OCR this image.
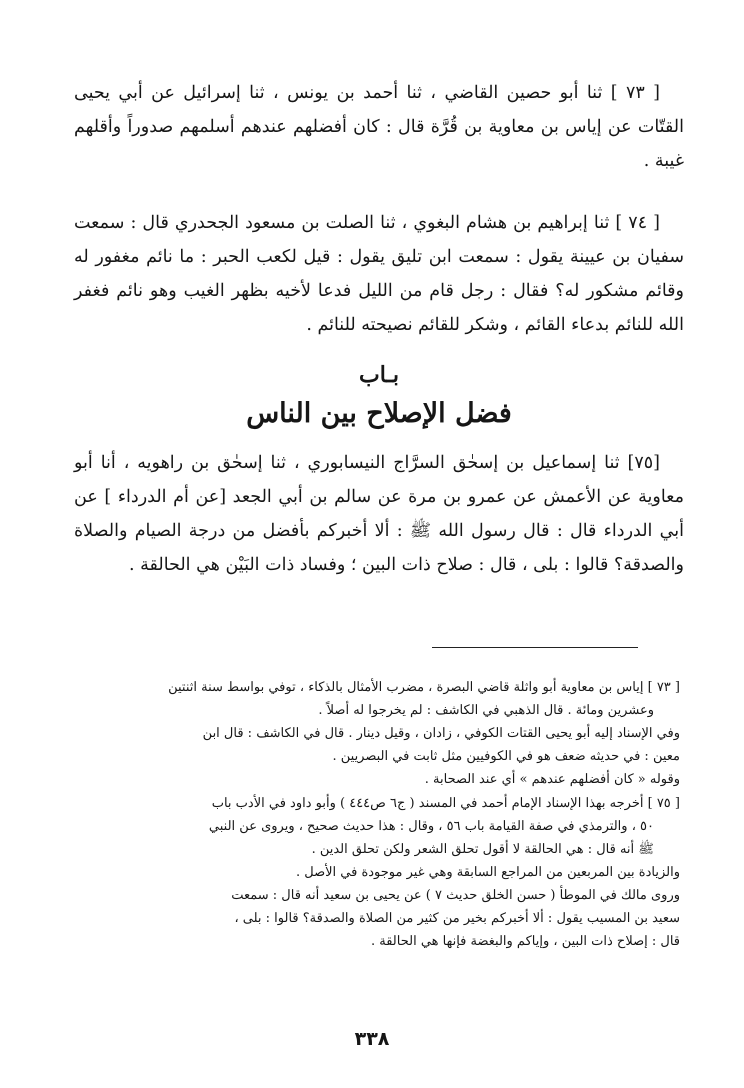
[ ٧٣ ] ثنا أبو حصين القاضي ، ثنا أحمد بن يونس ، ثنا إسرائيل عن أبي يحيى القتّات عن إياس بن معاوية بن قُرَّة قال : كان أفضلهم عندهم أسلمهم صدوراً وأقلهم غيبة .

[ ٧٤ ] ثنا إبراهيم بن هشام البغوي ، ثنا الصلت بن مسعود الجحدري قال : سمعت سفيان بن عيينة يقول : سمعت ابن تليق يقول : قيل لكعب الحبر : ما نائم مغفور له وقائم مشكور له؟ فقال : رجل قام من الليل فدعا لأخيه بظهر الغيب وهو نائم فغفر الله للنائم بدعاء القائم ، وشكر للقائم نصيحته للنائم .

بـاب
فضل الإصلاح بين الناس

[٧٥] ثنا إسماعيل بن إسحٰق السرَّاج النيسابوري ، ثنا إسحٰق بن راهويه ، أنا أبو معاوية عن الأعمش عن عمرو بن مرة عن سالم بن أبي الجعد [عن أم الدرداء ] عن أبي الدرداء قال : قال رسول الله ﷺ : ألا أخبركم بأفضل من درجة الصيام والصلاة والصدقة؟ قالوا : بلى ، قال : صلاح ذات البين ؛ وفساد ذات البَيْن هي الحالقة .

[ ٧٣ ] إياس بن معاوية أبو واثلة قاضي البصرة ، مضرب الأمثال بالذكاء ، توفي بواسط سنة اثنتين

وعشرين ومائة . قال الذهبي في الكاشف : لم يخرجوا له أصلاً .

وفي الإسناد إليه أبو يحيى القتات الكوفي ، زادان ، وقيل دينار . قال في الكاشف : قال ابن

معين : في حديثه ضعف هو في الكوفيين مثل ثابت في البصريين .

وقوله « كان أفضلهم عندهم » أي عند الصحابة .

[ ٧٥ ] أخرجه بهذا الإسناد الإمام أحمد في المسند ( ج٦ ص٤٤٤ ) وأبو داود في الأدب باب

٥٠ ، والترمذي في صفة القيامة باب ٥٦ ، وقال : هذا حديث صحيح ، ويروى عن النبي

ﷺ أنه قال : هي الحالقة لا أقول تحلق الشعر ولكن تحلق الدين .

والزيادة بين المربعين من المراجع السابقة وهي غير موجودة في الأصل .

وروى مالك في الموطأ ( حسن الخلق حديث ٧ ) عن يحيى بن سعيد أنه قال : سمعت

سعيد بن المسيب يقول : ألا أخبركم بخير من كثير من الصلاة والصدقة؟ قالوا : بلى ،

قال : إصلاح ذات البين ، وإياكم والبغضة فإنها هي الحالقة .

٣٣٨
